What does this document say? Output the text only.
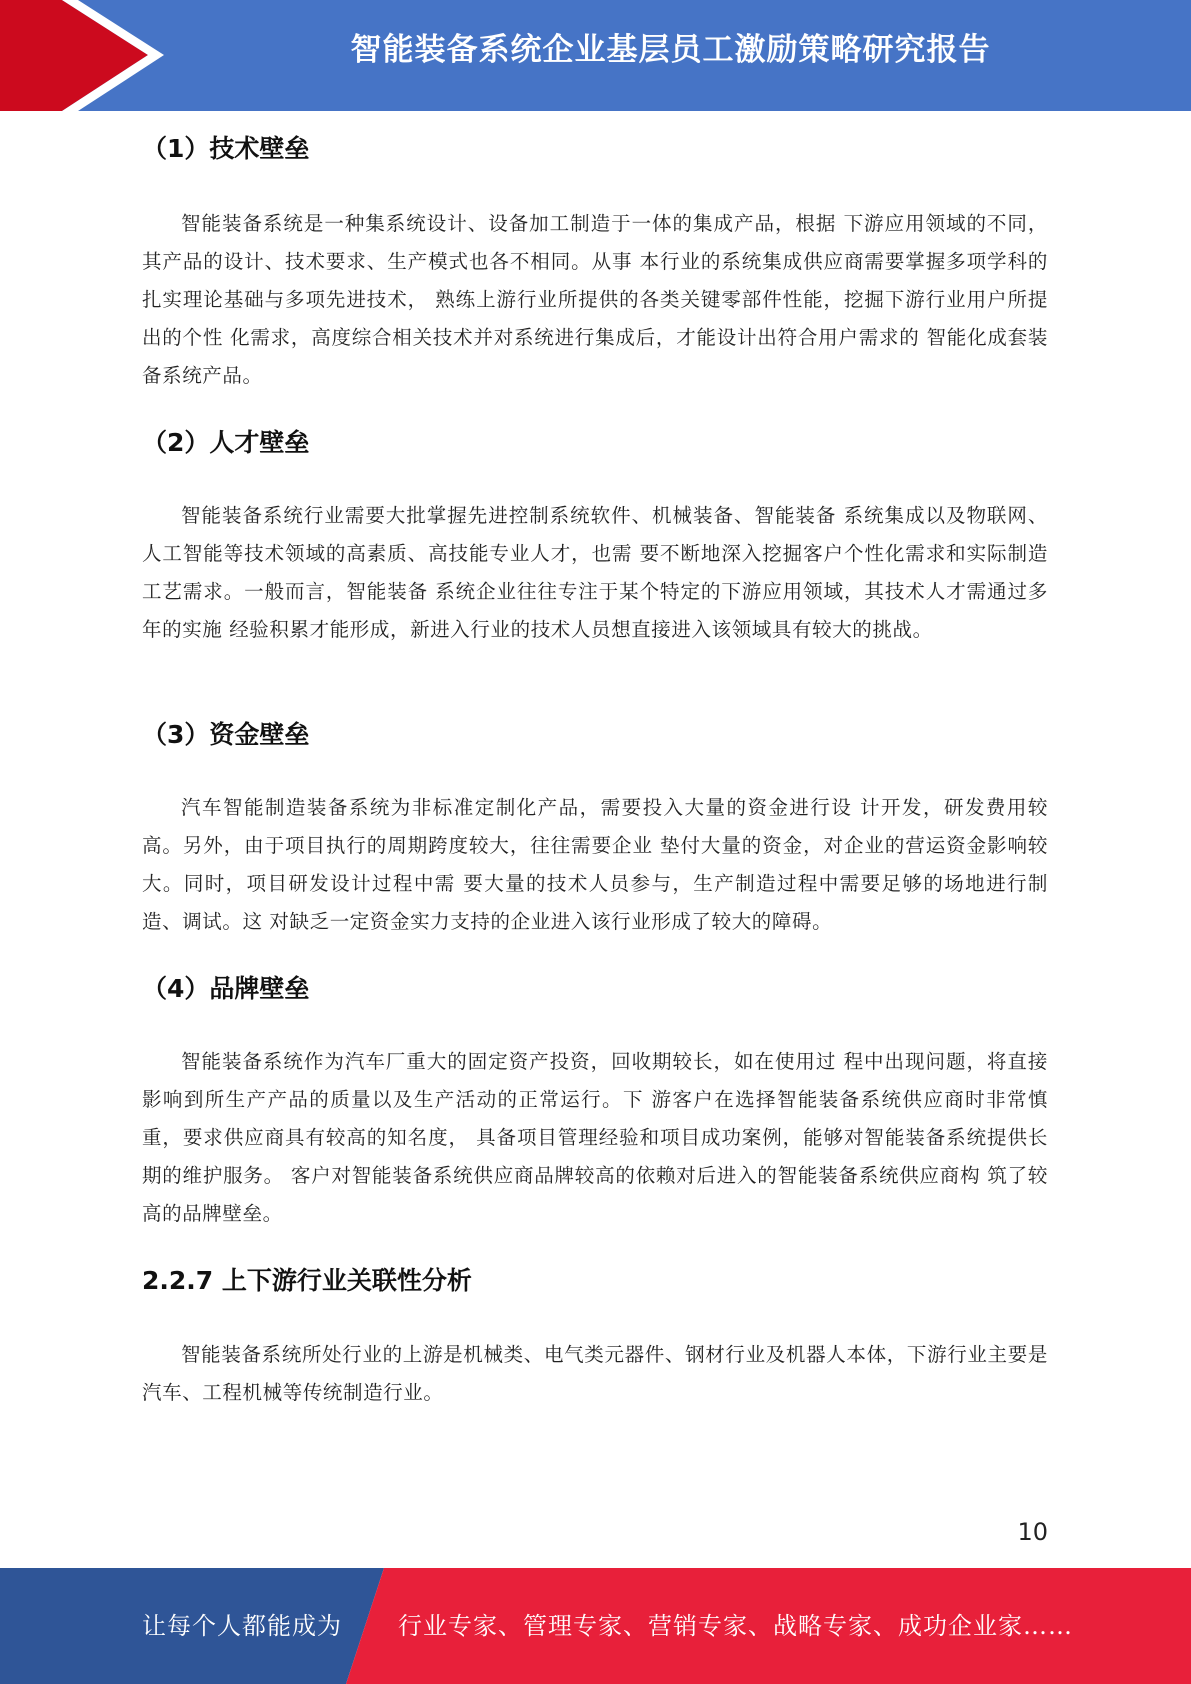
智能装备系统企业基层员工激励策略研究报告
（1）技术壁垒

智能装备系统是一种集系统设计、设备加工制造于一体的集成产品，根据 下游应用领域的不同，其产品的设计、技术要求、生产模式也各不相同。从事 本行业的系统集成供应商需要掌握多项学科的扎实理论基础与多项先进技术， 熟练上游行业所提供的各类关键零部件性能，挖掘下游行业用户所提出的个性 化需求，高度综合相关技术并对系统进行集成后，才能设计出符合用户需求的 智能化成套装备系统产品。

（2）人才壁垒

智能装备系统行业需要大批掌握先进控制系统软件、机械装备、智能装备 系统集成以及物联网、人工智能等技术领域的高素质、高技能专业人才，也需 要不断地深入挖掘客户个性化需求和实际制造工艺需求。一般而言，智能装备 系统企业往往专注于某个特定的下游应用领域，其技术人才需通过多年的实施 经验积累才能形成，新进入行业的技术人员想直接进入该领域具有较大的挑战。

（3）资金壁垒

汽车智能制造装备系统为非标准定制化产品，需要投入大量的资金进行设 计开发，研发费用较高。另外，由于项目执行的周期跨度较大，往往需要企业 垫付大量的资金，对企业的营运资金影响较大。同时，项目研发设计过程中需 要大量的技术人员参与，生产制造过程中需要足够的场地进行制造、调试。这 对缺乏一定资金实力支持的企业进入该行业形成了较大的障碍。

（4）品牌壁垒

智能装备系统作为汽车厂重大的固定资产投资，回收期较长，如在使用过 程中出现问题，将直接影响到所生产产品的质量以及生产活动的正常运行。下 游客户在选择智能装备系统供应商时非常慎重，要求供应商具有较高的知名度， 具备项目管理经验和项目成功案例，能够对智能装备系统提供长期的维护服务。 客户对智能装备系统供应商品牌较高的依赖对后进入的智能装备系统供应商构 筑了较高的品牌壁垒。

2.2.7 上下游行业关联性分析

智能装备系统所处行业的上游是机械类、电气类元器件、钢材行业及机器人本体，下游行业主要是汽车、工程机械等传统制造行业。

10
让每个人都能成为 行业专家、管理专家、营销专家、战略专家、成功企业家……
